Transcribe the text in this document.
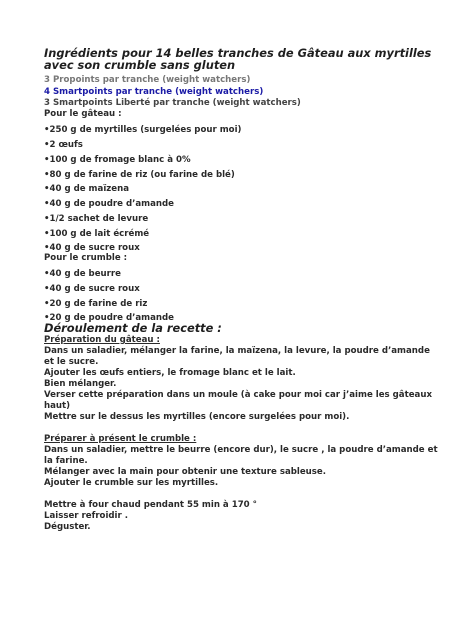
Ingrédients pour 14 belles tranches de Gâteau aux myrtilles
avec son crumble sans gluten
3 Propoints par tranche (weight watchers)
4 Smartpoints par tranche (weight watchers)
3 Smartpoints Liberté par tranche (weight watchers)
Pour le gâteau :
•250 g de myrtilles (surgelées pour moi)
•2 œufs
•100 g de fromage blanc à 0%
•80 g de farine de riz (ou farine de blé)
•40 g de maïzena
•40 g de poudre d’amande
•1/2 sachet de levure
•100 g de lait écrémé
•40 g de sucre roux
Pour le crumble :
•40 g de beurre
•40 g de sucre roux
•20 g de farine de riz
•20 g de poudre d’amande
Déroulement de la recette :
Préparation du gâteau :
Dans un saladier, mélanger la farine, la maïzena, la levure, la poudre d’amande
et le sucre.
Ajouter les œufs entiers, le fromage blanc et le lait.
Bien mélanger.
Verser cette préparation dans un moule (à cake pour moi car j’aime les gâteaux
haut)
Mettre sur le dessus les myrtilles (encore surgelées pour moi).
Préparer à présent le crumble :
Dans un saladier, mettre le beurre (encore dur), le sucre , la poudre d’amande et
la farine.
Mélanger avec la main pour obtenir une texture sableuse.
Ajouter le crumble sur les myrtilles.
Mettre à four chaud pendant 55 min à 170 °
Laisser refroidir .
Déguster.
